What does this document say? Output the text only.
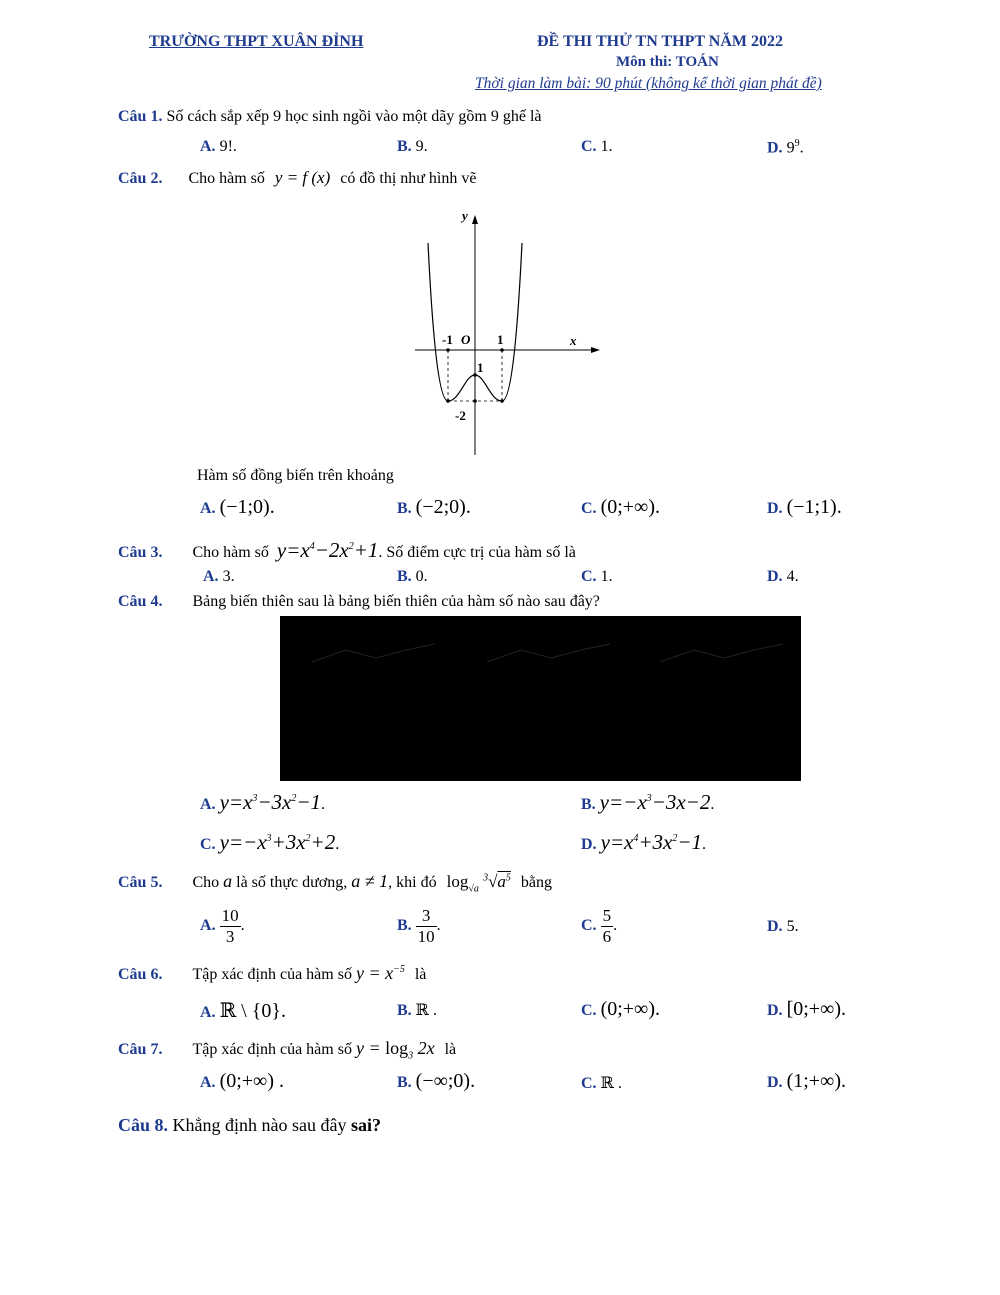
TRƯỜNG THPT XUÂN ĐỈNH	ĐỀ THI THỬ TN THPT NĂM 2022
Môn thi: TOÁN
Thời gian làm bài: 90 phút (không kể thời gian phát đề)
Câu 1. Số cách sắp xếp 9 học sinh ngồi vào một dãy gồm 9 ghế là
A. 9!.	B. 9.	C. 1.	D. $9^9$.
Câu 2. Cho hàm số y = f (x) có đồ thị như hình vẽ
y
x
O
-1	1
1
-2
Hàm số đồng biến trên khoảng
A. (−1;0).	B. (−2;0).	C. (0;+∞).	D. (−1;1).
Câu 3. Cho hàm số $y=x^4-2x^2+1$. Số điểm cực trị của hàm số là
A. 3.	B. 0.	C. 1.	D. 4.
Câu 4. Bảng biến thiên sau là bảng biến thiên của hàm số nào sau đây?
A. $y=x^3-3x^2-1$.	B. $y=-x^3-3x-2$.
C. $y=-x^3+3x^2+2$.	D. $y=x^4+3x^2-1$.
Câu 5. Cho a là số thực dương, a ≠ 1, khi đó $\log_{√a} ^3√a^5$ bằng
A. $\frac{10}{3}$ .	B. $\frac{3}{10}$ .	C. $\frac{5}{6}$ .	D. 5.
Câu 6. Tập xác định của hàm số $y = x^{-5}$ là
A. ℝ \ {0}.	B. ℝ .	C. (0;+∞).	D. [0;+∞).
Câu 7. Tập xác định của hàm số $y = \log_3 2x$ là
A. (0;+∞) .	B. (−∞;0).	C. ℝ .	D. (1;+∞).
Câu 8. Khẳng định nào sau đây sai?
